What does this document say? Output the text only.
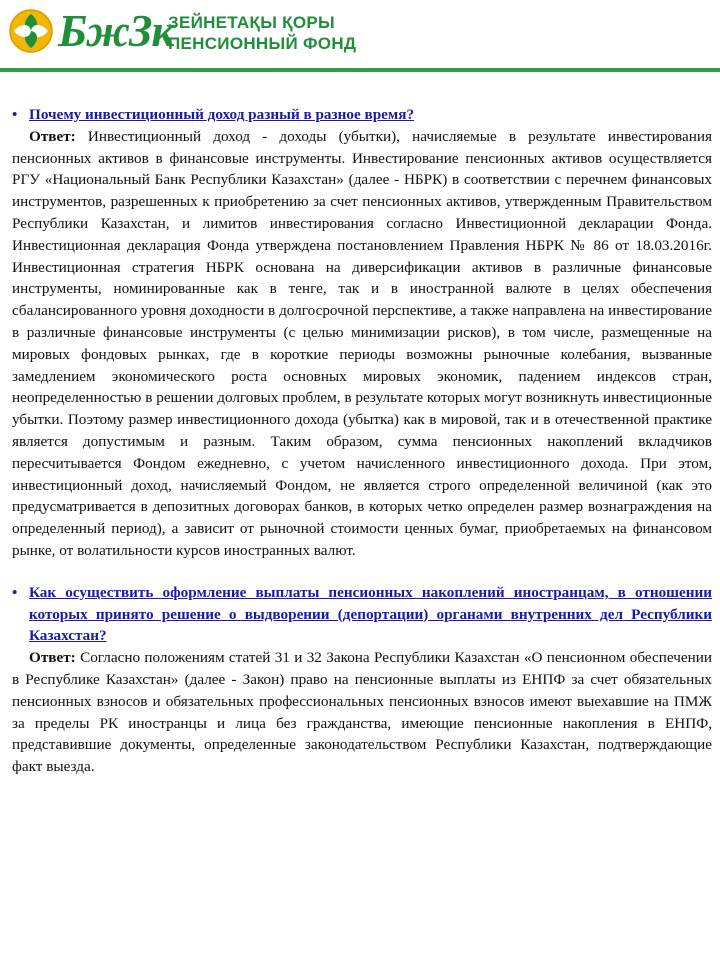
БжЗк
ЗЕЙНЕТАҚЫ ҚОРЫ
ПЕНСИОННЫЙ ФОНД
• Почему инвестиционный доход разный в разное время?

Ответ: Инвестиционный доход - доходы (убытки), начисляемые в результате инвестирования пенсионных активов в финансовые инструменты. Инвестирование пенсионных активов осуществляется РГУ «Национальный Банк Республики Казахстан» (далее - НБРК) в соответствии с перечнем финансовых инструментов, разрешенных к приобретению за счет пенсионных активов, утвержденным Правительством Республики Казахстан, и лимитов инвестирования согласно Инвестиционной декларации Фонда. Инвестиционная декларация Фонда утверждена постановлением Правления НБРК № 86 от 18.03.2016г. Инвестиционная стратегия НБРК основана на диверсификации активов в различные финансовые инструменты, номинированные как в тенге, так и в иностранной валюте в целях обеспечения сбалансированного уровня доходности в долгосрочной перспективе, а также направлена на инвестирование в различные финансовые инструменты (с целью минимизации рисков), в том числе, размещенные на мировых фондовых рынках, где в короткие периоды возможны рыночные колебания, вызванные замедлением экономического роста основных мировых экономик, падением индексов стран, неопределенностью в решении долговых проблем, в результате которых могут возникнуть инвестиционные убытки. Поэтому размер инвестиционного дохода (убытка) как в мировой, так и в отечественной практике является допустимым и разным. Таким образом, сумма пенсионных накоплений вкладчиков пересчитывается Фондом ежедневно, с учетом начисленного инвестиционного дохода. При этом, инвестиционный доход, начисляемый Фондом, не является строго определенной величиной (как это предусматривается в депозитных договорах банков, в которых четко определен размер вознаграждения на определенный период), а зависит от рыночной стоимости ценных бумаг, приобретаемых на финансовом рынке, от волатильности курсов иностранных валют.

• Как осуществить оформление выплаты пенсионных накоплений иностранцам, в отношении которых принято решение о выдворении (депортации) органами внутренних дел Республики Казахстан?

Ответ: Согласно положениям статей 31 и 32 Закона Республики Казахстан «О пенсионном обеспечении в Республике Казахстан» (далее - Закон) право на пенсионные выплаты из ЕНПФ за счет обязательных пенсионных взносов и обязательных профессиональных пенсионных взносов имеют выехавшие на ПМЖ за пределы РК иностранцы и лица без гражданства, имеющие пенсионные накопления в ЕНПФ, представившие документы, определенные законодательством Республики Казахстан, подтверждающие факт выезда.
